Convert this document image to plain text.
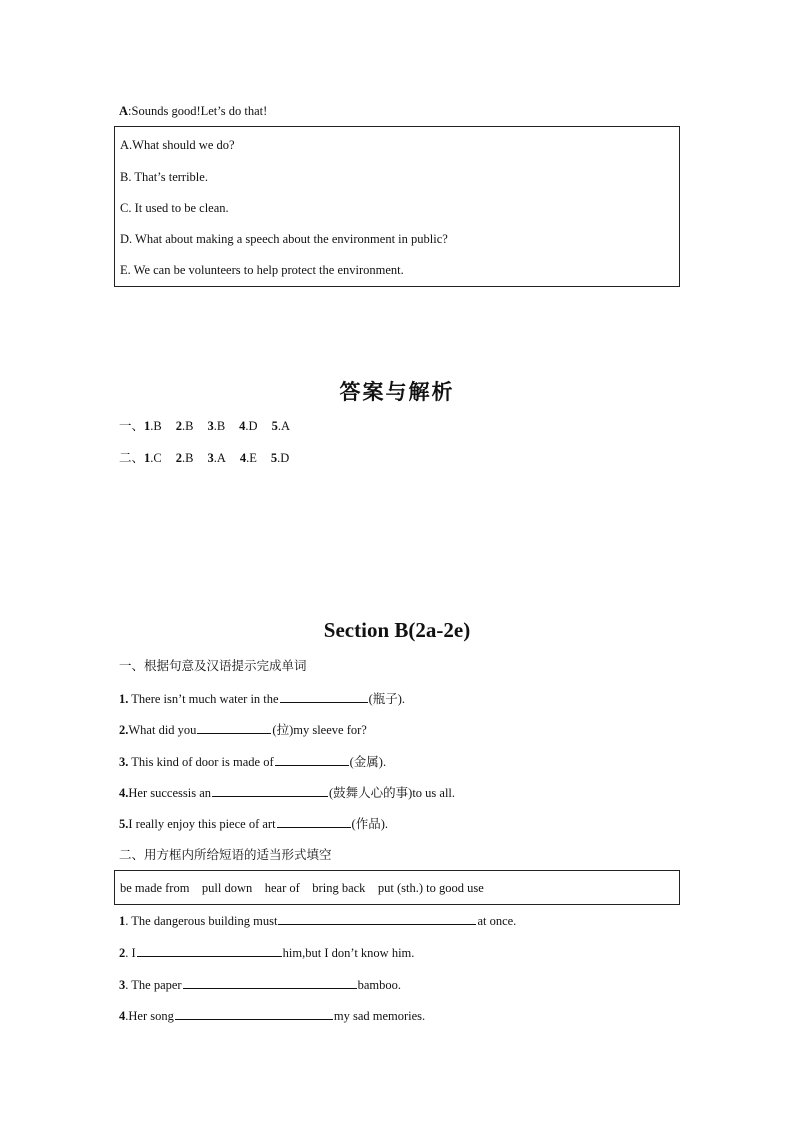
A:Sounds good!Let’s do that!
A.What should we do?
B. That’s terrible.
C. It used to be clean.
D. What about making a speech about the environment in public?
E. We can be volunteers to help protect the environment.
答案与解析
一、1.B 2.B 3.B 4.D 5.A
二、1.C 2.B 3.A 4.E 5.D
Section B(2a-2e)
一、根据句意及汉语提示完成单词
1. There isn’t much water in the	(瓶子).
2.What did you	(拉)my sleeve for?
3. This kind of door is made of	(金属).
4.Her successis an	(鼓舞人心的事)to us all.
5.I really enjoy this piece of art	(作品).
二、用方框内所给短语的适当形式填空
be made from    pull down    hear of    bring back    put (sth.) to good use
1. The dangerous building must	at once.
2. I	him,but I don’t know him.
3. The paper	bamboo.
4.Her song	my sad memories.
